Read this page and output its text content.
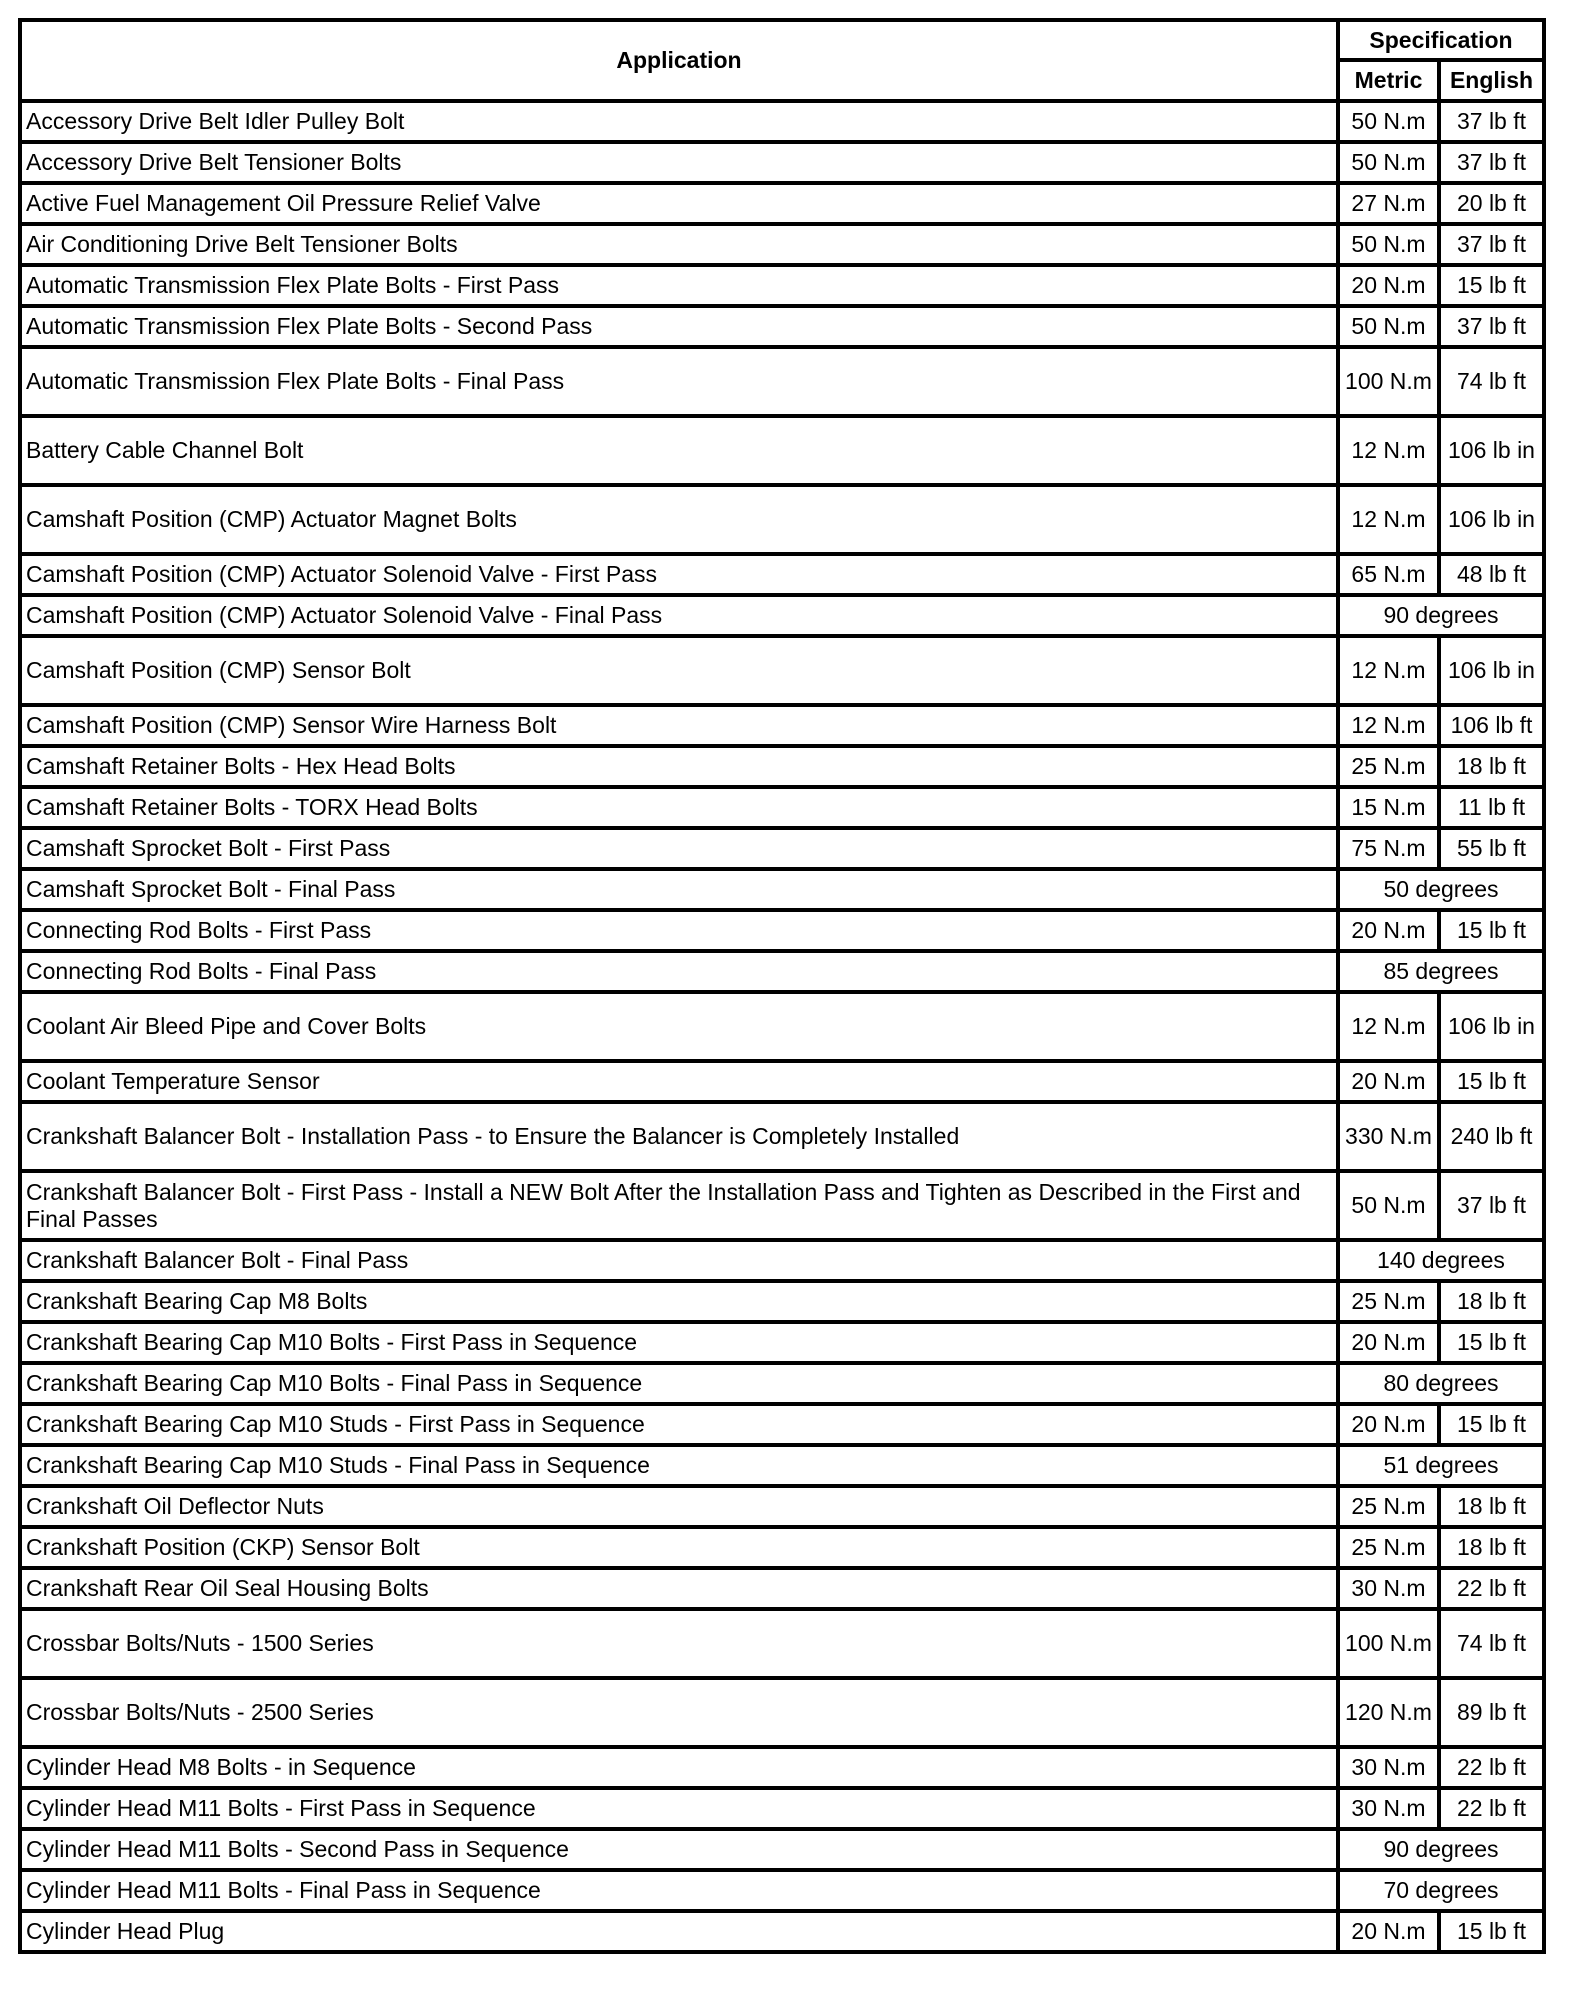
Application	Specification	
	Metric	English
Accessory Drive Belt Idler Pulley Bolt	50 N.m	37 lb ft
Accessory Drive Belt Tensioner Bolts	50 N.m	37 lb ft
Active Fuel Management Oil Pressure Relief Valve	27 N.m	20 lb ft
Air Conditioning Drive Belt Tensioner Bolts	50 N.m	37 lb ft
Automatic Transmission Flex Plate Bolts - First Pass	20 N.m	15 lb ft
Automatic Transmission Flex Plate Bolts - Second Pass	50 N.m	37 lb ft
Automatic Transmission Flex Plate Bolts - Final Pass	100 N.m	74 lb ft
Battery Cable Channel Bolt	12 N.m	106 lb in
Camshaft Position (CMP) Actuator Magnet Bolts	12 N.m	106 lb in
Camshaft Position (CMP) Actuator Solenoid Valve - First Pass	65 N.m	48 lb ft
Camshaft Position (CMP) Actuator Solenoid Valve - Final Pass	90 degrees	
Camshaft Position (CMP) Sensor Bolt	12 N.m	106 lb in
Camshaft Position (CMP) Sensor Wire Harness Bolt	12 N.m	106 lb ft
Camshaft Retainer Bolts - Hex Head Bolts	25 N.m	18 lb ft
Camshaft Retainer Bolts - TORX Head Bolts	15 N.m	11 lb ft
Camshaft Sprocket Bolt - First Pass	75 N.m	55 lb ft
Camshaft Sprocket Bolt - Final Pass	50 degrees	
Connecting Rod Bolts - First Pass	20 N.m	15 lb ft
Connecting Rod Bolts - Final Pass	85 degrees	
Coolant Air Bleed Pipe and Cover Bolts	12 N.m	106 lb in
Coolant Temperature Sensor	20 N.m	15 lb ft
Crankshaft Balancer Bolt - Installation Pass - to Ensure the Balancer is Completely Installed	330 N.m	240 lb ft
Crankshaft Balancer Bolt - First Pass - Install a NEW Bolt After the Installation Pass and Tighten as Described in the First and Final Passes	50 N.m	37 lb ft
Crankshaft Balancer Bolt - Final Pass	140 degrees	
Crankshaft Bearing Cap M8 Bolts	25 N.m	18 lb ft
Crankshaft Bearing Cap M10 Bolts - First Pass in Sequence	20 N.m	15 lb ft
Crankshaft Bearing Cap M10 Bolts - Final Pass in Sequence	80 degrees	
Crankshaft Bearing Cap M10 Studs - First Pass in Sequence	20 N.m	15 lb ft
Crankshaft Bearing Cap M10 Studs - Final Pass in Sequence	51 degrees	
Crankshaft Oil Deflector Nuts	25 N.m	18 lb ft
Crankshaft Position (CKP) Sensor Bolt	25 N.m	18 lb ft
Crankshaft Rear Oil Seal Housing Bolts	30 N.m	22 lb ft
Crossbar Bolts/Nuts - 1500 Series	100 N.m	74 lb ft
Crossbar Bolts/Nuts - 2500 Series	120 N.m	89 lb ft
Cylinder Head M8 Bolts - in Sequence	30 N.m	22 lb ft
Cylinder Head M11 Bolts - First Pass in Sequence	30 N.m	22 lb ft
Cylinder Head M11 Bolts - Second Pass in Sequence	90 degrees	
Cylinder Head M11 Bolts - Final Pass in Sequence	70 degrees	
Cylinder Head Plug	20 N.m	15 lb ft
